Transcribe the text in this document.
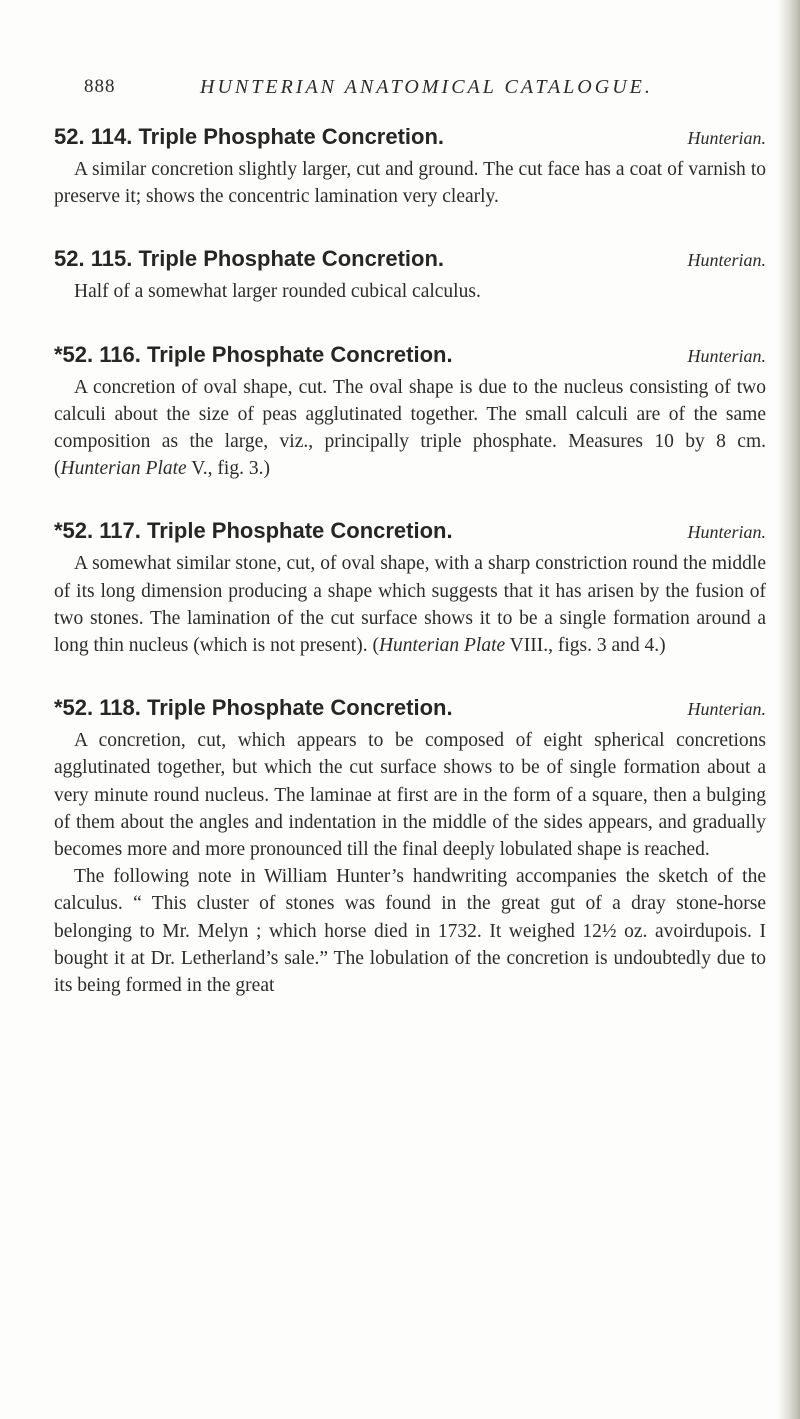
888	HUNTERIAN ANATOMICAL CATALOGUE.
52. 114. Triple Phosphate Concretion.	Hunterian.

A similar concretion slightly larger, cut and ground. The cut face has a coat of varnish to preserve it; shows the concentric lamination very clearly.

52. 115. Triple Phosphate Concretion.	Hunterian.

Half of a somewhat larger rounded cubical calculus.

*52. 116. Triple Phosphate Concretion.	Hunterian.

A concretion of oval shape, cut. The oval shape is due to the nucleus consisting of two calculi about the size of peas agglutinated together. The small calculi are of the same composition as the large, viz., principally triple phosphate. Measures 10 by 8 cm. (Hunterian Plate V., fig. 3.)

*52. 117. Triple Phosphate Concretion.	Hunterian.

A somewhat similar stone, cut, of oval shape, with a sharp constriction round the middle of its long dimension producing a shape which suggests that it has arisen by the fusion of two stones. The lamination of the cut surface shows it to be a single formation around a long thin nucleus (which is not present). (Hunterian Plate VIII., figs. 3 and 4.)

*52. 118. Triple Phosphate Concretion.	Hunterian.

A concretion, cut, which appears to be composed of eight spherical concretions agglutinated together, but which the cut surface shows to be of single formation about a very minute round nucleus. The laminae at first are in the form of a square, then a bulging of them about the angles and indentation in the middle of the sides appears, and gradually becomes more and more pronounced till the final deeply lobulated shape is reached.

The following note in William Hunter’s handwriting accompanies the sketch of the calculus. “ This cluster of stones was found in the great gut of a dray stone-horse belonging to Mr. Melyn ; which horse died in 1732. It weighed 12½ oz. avoirdupois. I bought it at Dr. Letherland’s sale.” The lobulation of the concretion is undoubtedly due to its being formed in the great
